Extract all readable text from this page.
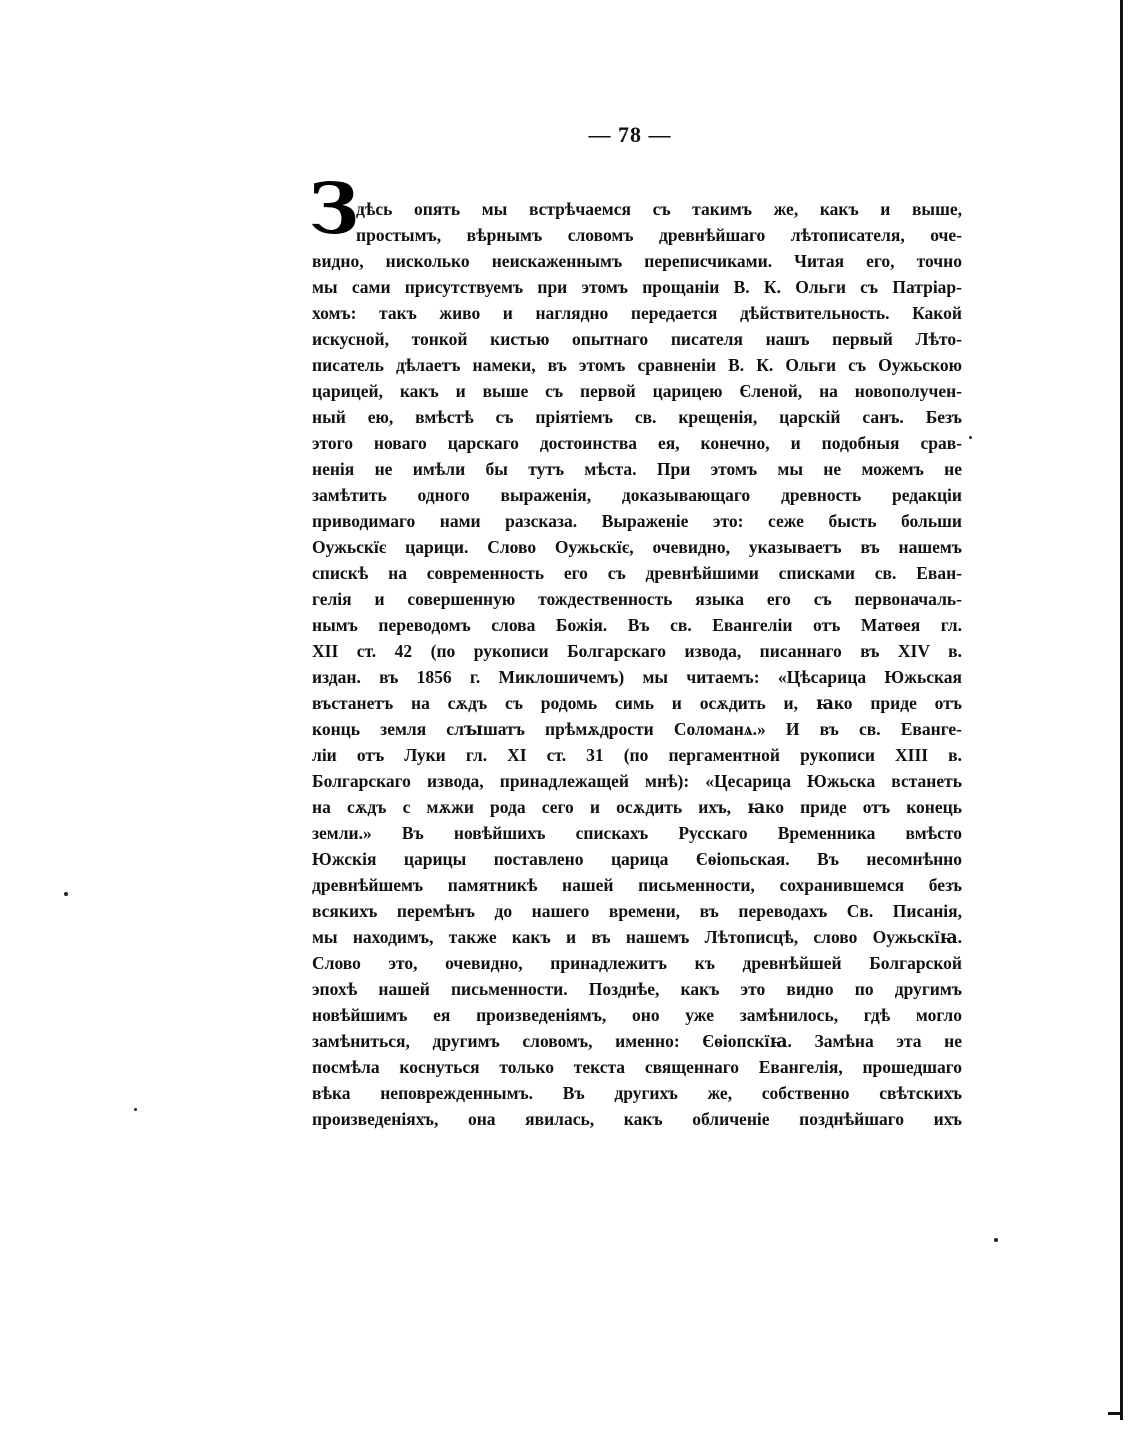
— 78 —
З
дѣсь опять мы встрѣчаемся съ такимъ же, какъ и выше,
простымъ, вѣрнымъ словомъ древнѣйшаго лѣтописателя, оче-
видно, нисколько неискаженнымъ переписчиками. Читая его, точно
мы сами присутствуемъ при этомъ прощаніи В. К. Ольги съ Патріар-
хомъ: такъ живо и наглядно передается дѣйствительность. Какой
искусной, тонкой кистью опытнаго писателя нашъ первый Лѣто-
писатель дѣлаетъ намеки, въ этомъ сравненіи В. К. Ольги съ Оужьскою
царицей, какъ и выше съ первой царицею Єленой, на новополучен-
ный ею, вмѣстѣ съ пріятіемъ св. крещенія, царскій санъ. Безъ
этого новаго царскаго достоинства ея, конечно, и подобныя срав-
ненія не имѣли бы тутъ мѣста. При этомъ мы не можемъ не
замѣтить одного выраженія, доказывающаго древность редакціи
приводимаго нами разсказа. Выраженіе это: сеже бысть больши
Оужьскїє царици. Слово Оужьскїє, очевидно, указываетъ въ нашемъ
спискѣ на современность его съ древнѣйшими списками св. Еван-
гелія и совершенную тождественность языка его съ первоначаль-
нымъ переводомъ слова Божія. Въ св. Евангеліи отъ Матѳея гл.
XII ст. 42 (по рукописи Болгарскаго извода, писаннаго въ XIV в.
издан. въ 1856 г. Миклошичемъ) мы читаемъ: «Цѣсарица Южьская
въстанетъ на сѫдъ съ родомь симь и осѫдить и, ꙗко приде отъ
конць земля слꙑшатъ прѣмѫдрости Соломанѧ.» И въ св. Еванге-
ліи отъ Луки гл. XI ст. 31 (по пергаментной рукописи XIII в.
Болгарскаго извода, принадлежащей мнѣ): «Цесарица Южьска встанеть
на сѫдъ с мѫжи рода сего и осѫдить ихъ, ꙗко приде отъ конець
земли.» Въ новѣйшихъ спискахъ Русскаго Временника вмѣсто
Южскія царицы поставлено царица Єѳіопьская. Въ несомнѣнно
древнѣйшемъ памятникѣ нашей письменности, сохранившемся безъ
всякихъ перемѣнъ до нашего времени, въ переводахъ Св. Писанія,
мы находимъ, также какъ и въ нашемъ Лѣтописцѣ, слово Оужьскїꙗ.
Слово это, очевидно, принадлежитъ къ древнѣйшей Болгарской
эпохѣ нашей письменности. Позднѣе, какъ это видно по другимъ
новѣйшимъ ея произведеніямъ, оно уже замѣнилось, гдѣ могло
замѣниться, другимъ словомъ, именно: Єѳіопскїꙗ. Замѣна эта не
посмѣла коснуться только текста священнаго Евангелія, прошедшаго
вѣка неповрежденнымъ. Въ другихъ же, собственно свѣтскихъ
произведеніяхъ, она явилась, какъ обличеніе позднѣйшаго ихъ
